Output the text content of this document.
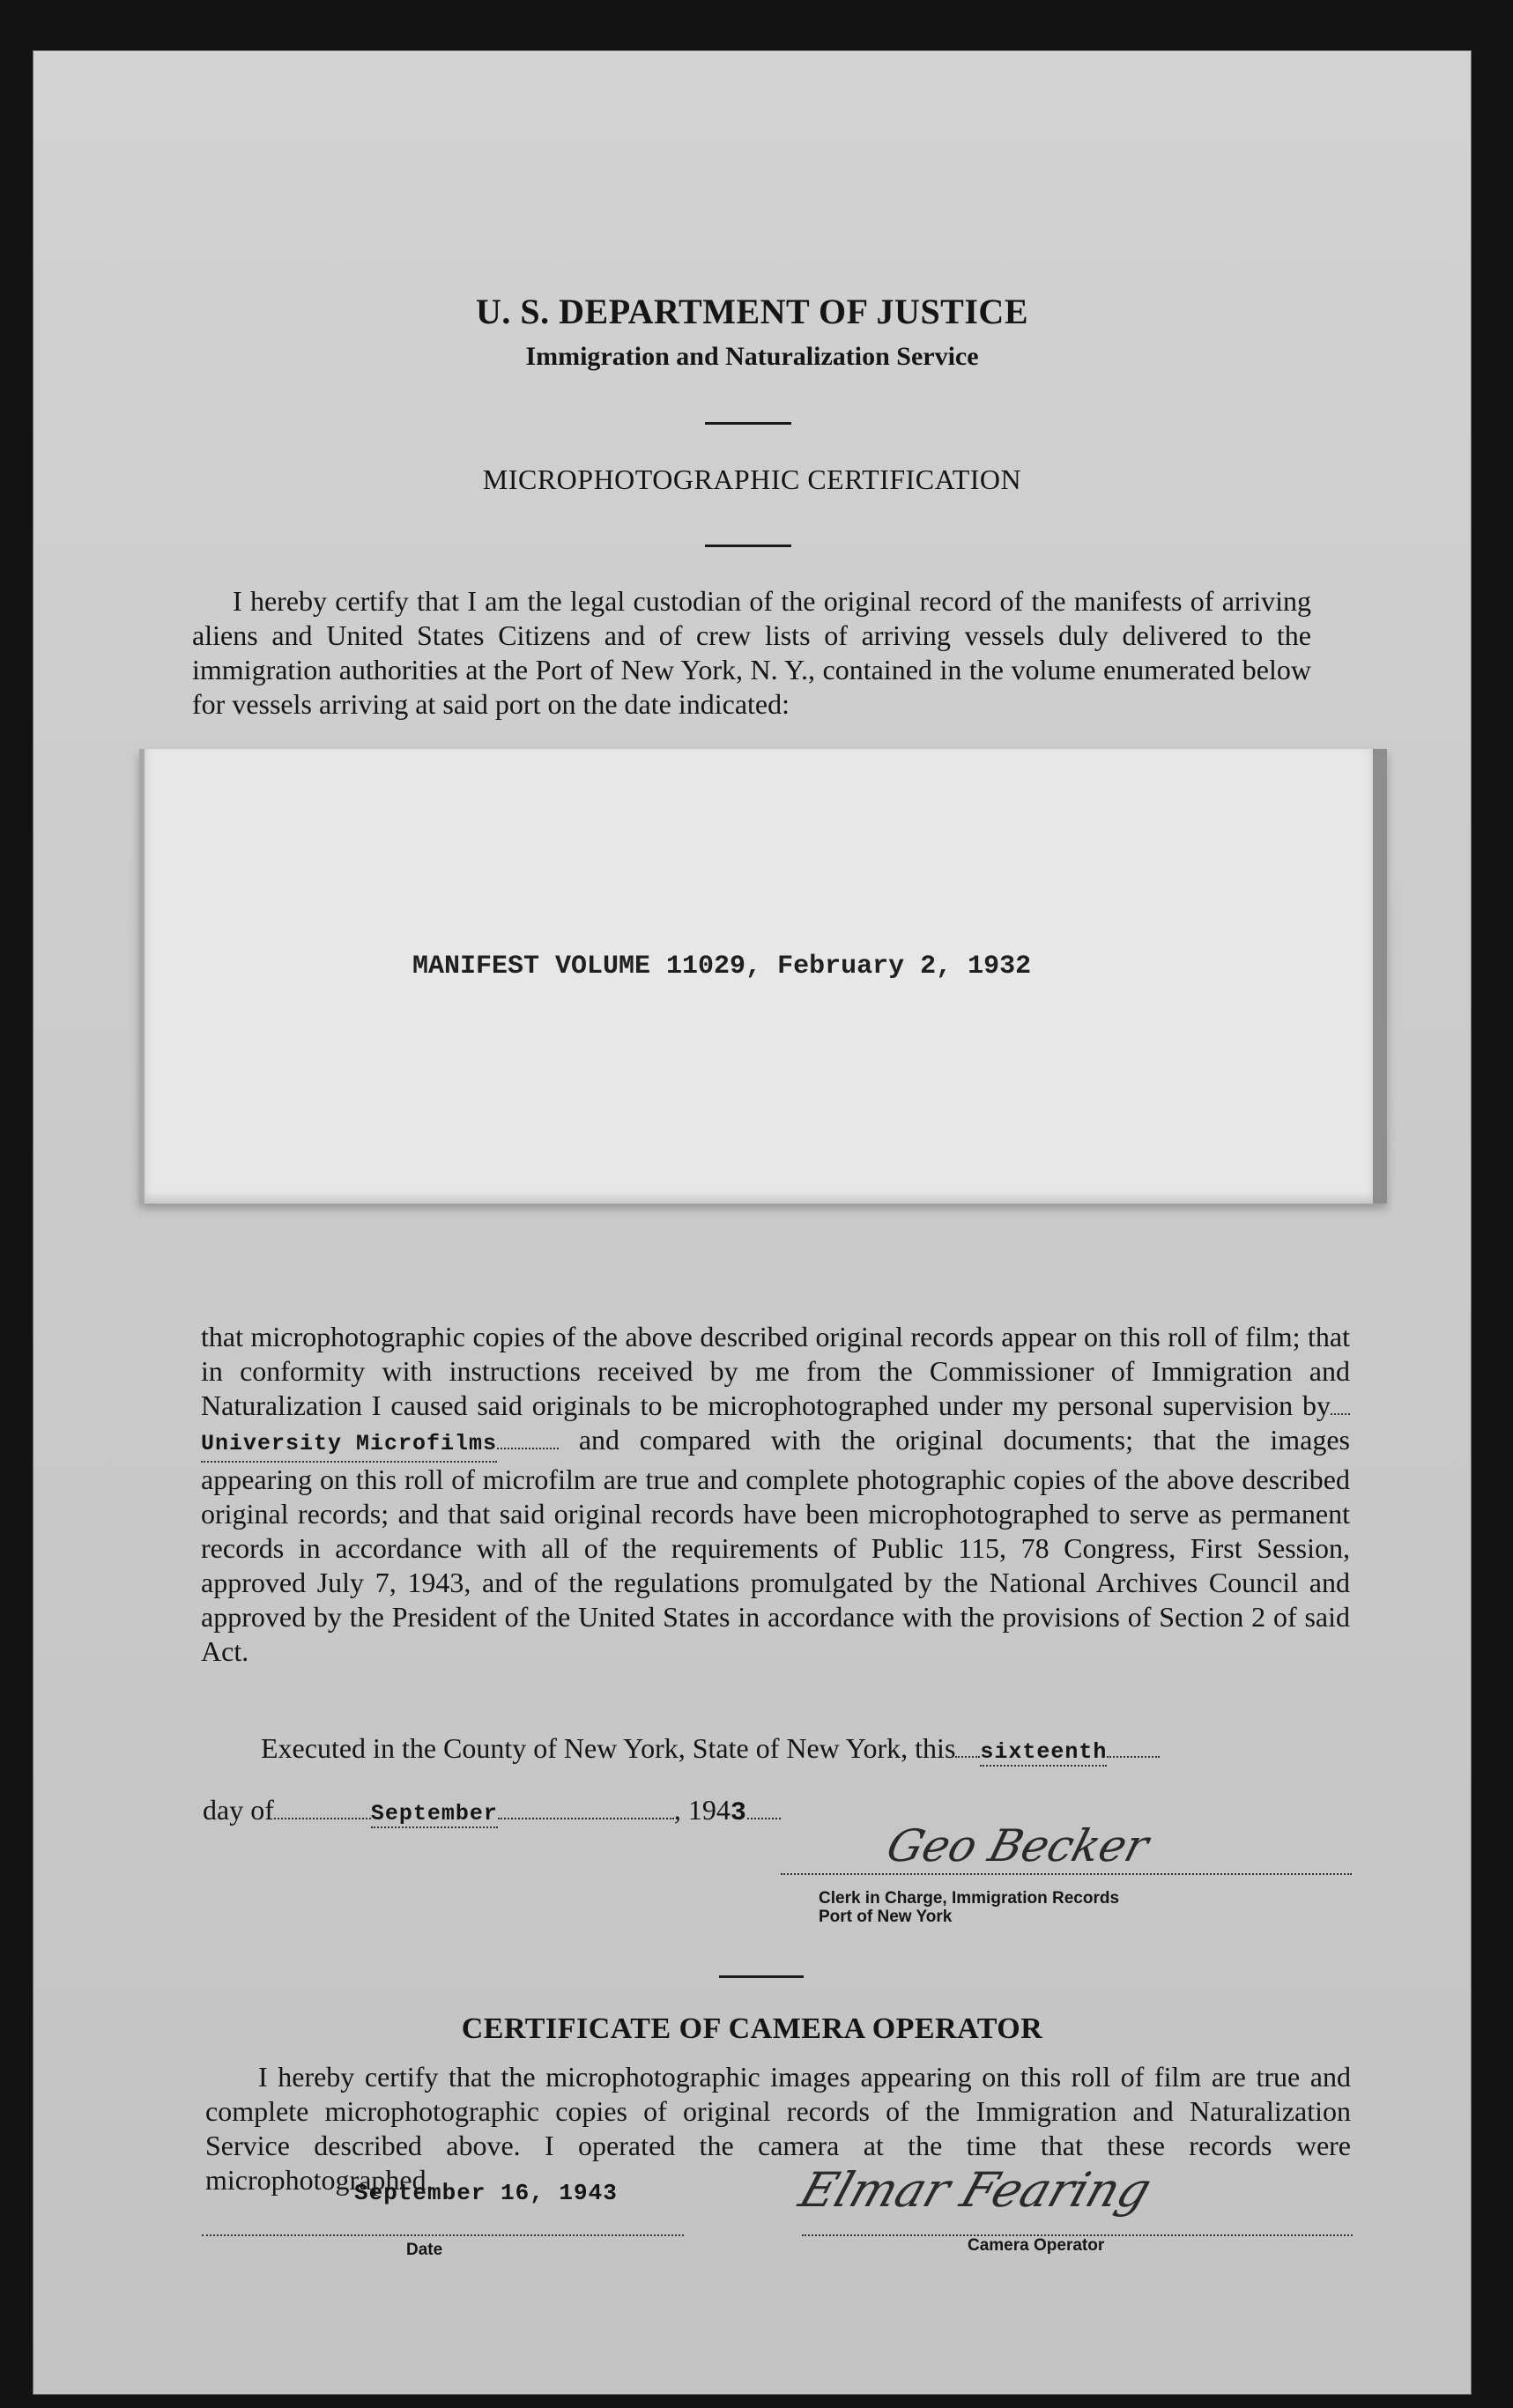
U. S. DEPARTMENT OF JUSTICE
Immigration and Naturalization Service
MICROPHOTOGRAPHIC CERTIFICATION
I hereby certify that I am the legal custodian of the original record of the manifests of arriving aliens and United States Citizens and of crew lists of arriving vessels duly delivered to the immigration authorities at the Port of New York, N. Y., contained in the volume enumerated below for vessels arriving at said port on the date indicated:
MANIFEST VOLUME 11029, February 2, 1932
that microphotographic copies of the above described original records appear on this roll of film; that in conformity with instructions received by me from the Commissioner of Immigration and Naturalization I caused said originals to be microphotographed under my personal supervision byUniversity Microfilms	and compared with the original documents; that the images appearing on this roll of microfilm are true and complete photographic copies of the above described original records; and that said original records have been microphotographed to serve as permanent records in accordance with all of the requirements of Public 115, 78 Congress, First Session, approved July 7, 1943, and of the regulations promulgated by the National Archives Council and approved by the President of the United States in accordance with the provisions of Section 2 of said Act.
Executed in the County of New York, State of New York, this sixteenth
day of	September	, 1943
Geo Becker
Clerk in Charge, Immigration Records
Port of New York
CERTIFICATE OF CAMERA OPERATOR
I hereby certify that the microphotographic images appearing on this roll of film are true and complete microphotographic copies of original records of the Immigration and Naturalization Service described above. I operated the camera at the time that these records were microphotographed.
September 16, 1943
Date
Elmar Fearing
Camera Operator
